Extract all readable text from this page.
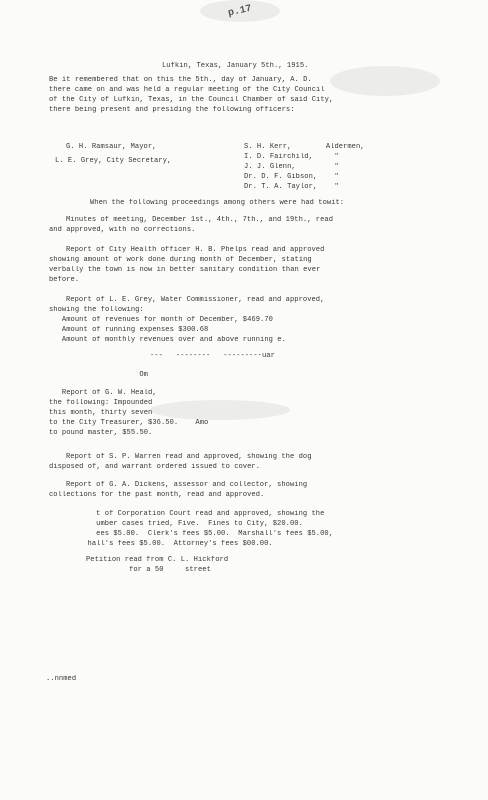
p.17
Lufkin, Texas, January 5th., 1915.
Be it remembered that on this the 5th., day of January, A. D.
there came on and was held a regular meeting of the City Council
of the City of Lufkin, Texas, in the Council Chamber of said City,
there being present and presiding the following officers:
G. H. Ramsaur, Mayor,
L. E. Grey, City Secretary,
S. H. Kerr,        Aldermen,
I. D. Fairchild,     "
J. J. Glenn,         "
Dr. D. F. Gibson,    "
Dr. T. A. Taylor,    "
When the following proceedings among others were had towit:
Minutes of meeting, December 1st., 4th., 7th., and 19th., read
and approved, with no corrections.
Report of City Health officer H. B. Phelps read and approved
showing amount of work done during month of December, stating
verbally the town is now in better sanitary condition than ever
before.
Report of L. E. Grey, Water Commissioner, read and approved,
showing the following:
Amount of revenues for month of December, $469.70
Amount of running expenses $300.68
Amount of monthly revenues over and above running e.
---   --------   ---------uar
Om
Report of G. W. Heald,
the following: Impounded
this month, thirty seven
to the City Treasurer, $36.50.    Amo
to pound master, $55.50.
Report of S. P. Warren read and approved, showing the dog
disposed of, and warrant ordered issued to cover.
Report of G. A. Dickens, assessor and collector, showing
collections for the past month, read and approved.
t of Corporation Court read and approved, showing the
umber cases tried, Five.  Fines to City, $20.00.
ees $5.00.  Clerk's fees $5.00.  Marshall's fees $5.00,
hall's fees $5.00.  Attorney's fees $00.00.
Petition read from C. L. Hickford
for a 50     street
..nnmed
